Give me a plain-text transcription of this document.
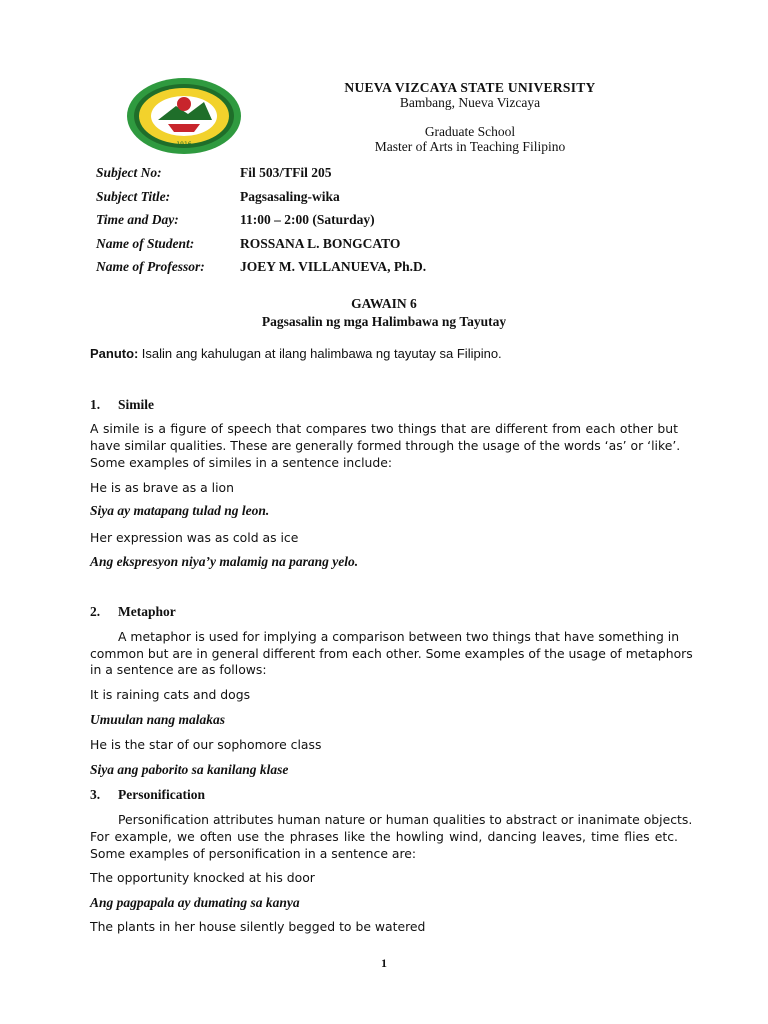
1916
NUEVA VIZCAYA STATE UNIVERSITY
Bambang, Nueva Vizcaya
Graduate School
Master of Arts in Teaching Filipino
Subject No:	Fil 503/TFil 205
Subject Title:	Pagsasaling-wika
Time and Day:	11:00 – 2:00 (Saturday)
Name of Student:	ROSSANA L. BONGCATO
Name of Professor:	JOEY M. VILLANUEVA, Ph.D.
GAWAIN 6
Pagsasalin ng mga Halimbawa ng Tayutay
Panuto: Isalin ang kahulugan at ilang halimbawa ng tayutay sa Filipino.
1. Simile
A simile is a figure of speech that compares two things that are different from each other but
have similar qualities. These are generally formed through the usage of the words ‘as’ or ‘like’.
Some examples of similes in a sentence include:
He is as brave as a lion
Siya ay matapang tulad ng leon.
Her expression was as cold as ice
Ang ekspresyon niya’y malamig na parang yelo.
2. Metaphor
A metaphor is used for implying a comparison between two things that have something in
common but are in general different from each other. Some examples of the usage of metaphors
in a sentence are as follows:
It is raining cats and dogs
Umuulan nang malakas
He is the star of our sophomore class
Siya ang paborito sa kanilang klase
3. Personification
Personification attributes human nature or human qualities to abstract or inanimate objects.
For example, we often use the phrases like the howling wind, dancing leaves, time flies etc.
Some examples of personification in a sentence are:
The opportunity knocked at his door
Ang pagpapala ay dumating sa kanya
The plants in her house silently begged to be watered
1
